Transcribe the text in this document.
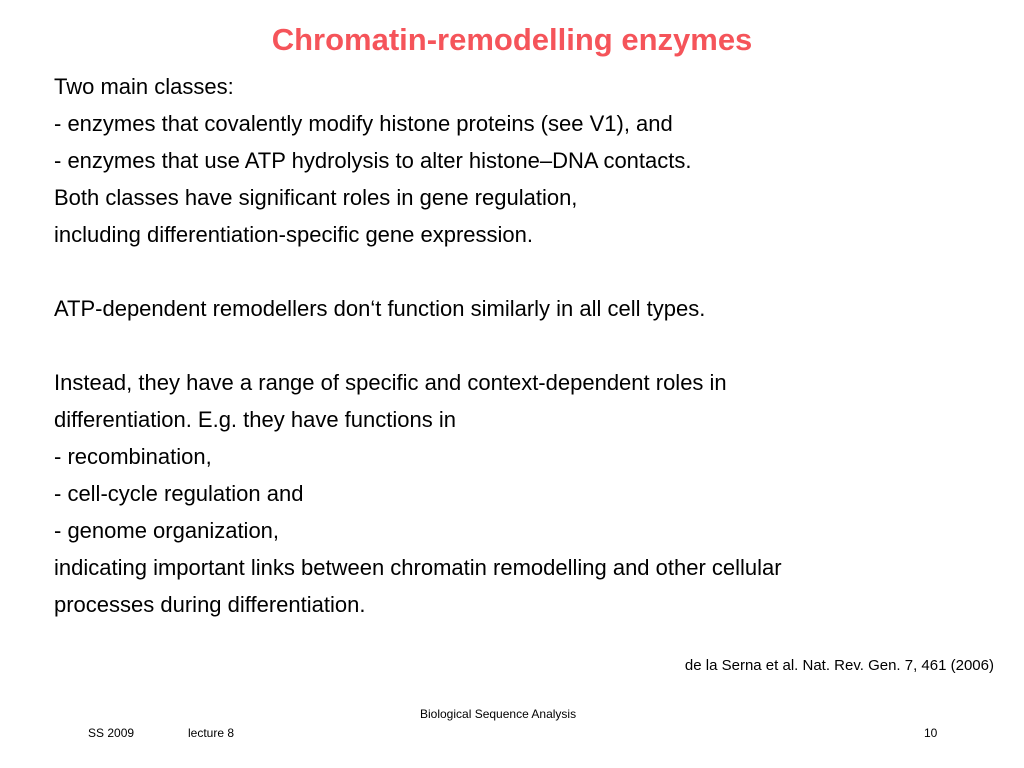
Chromatin-remodelling enzymes
Two main classes:
- enzymes that covalently modify histone proteins (see V1), and
- enzymes that use ATP hydrolysis to alter histone–DNA contacts.
Both classes have significant roles in gene regulation,
including differentiation-specific gene expression.
ATP-dependent remodellers don‘t function similarly in all cell types.
Instead, they have a range of specific and context-dependent roles in
differentiation. E.g. they have functions in
- recombination,
- cell-cycle regulation and
- genome organization,
indicating important links between chromatin remodelling and other cellular
processes during differentiation.
de la Serna et al. Nat. Rev. Gen. 7, 461 (2006)
Biological Sequence Analysis
SS 2009	lecture 8	10
